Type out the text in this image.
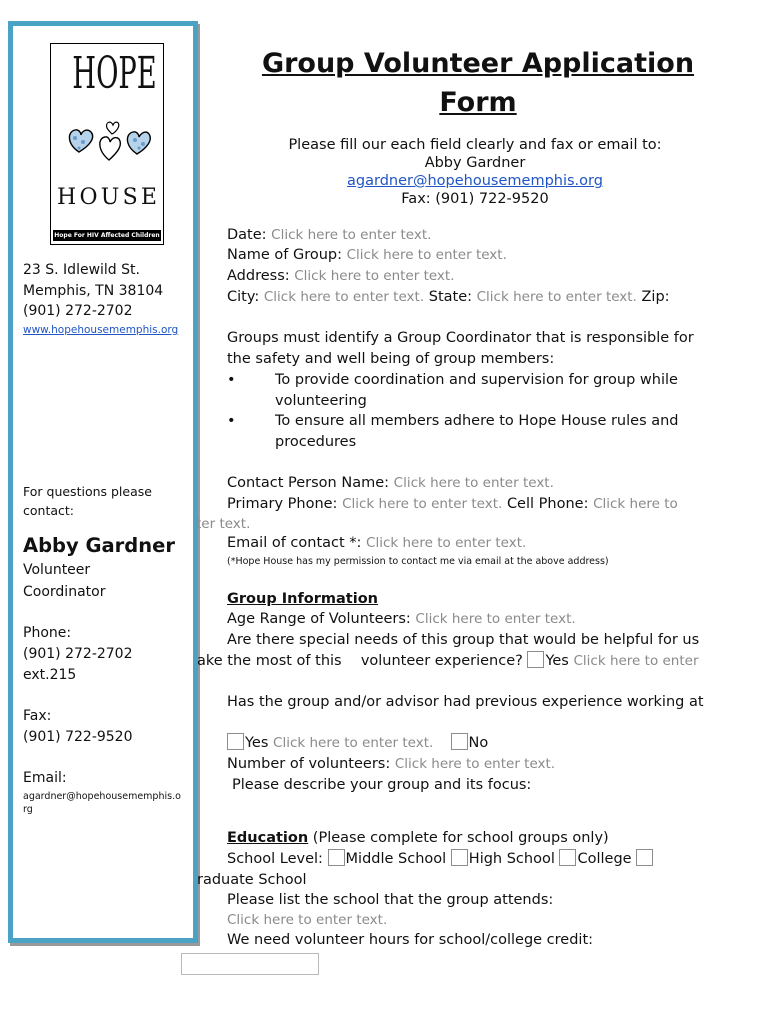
HOPE
H O U S E
Hope For HIV Affected Children
23 S. Idlewild St.
Memphis, TN 38104
(901) 272-2702
www.hopehousememphis.org
For questions please
contact:
Abby Gardner
Volunteer
Coordinator
Phone:
(901) 272-2702
ext.215
Fax:
(901) 722-9520
Email:
agardner@hopehousememphis.org
Group Volunteer Application
Form
Please fill our each field clearly and fax or email to:
Abby Gardner
agardner@hopehousememphis.org
Fax: (901) 722-9520
Date: Click here to enter text.
Name of Group: Click here to enter text.
Address: Click here to enter text.
City: Click here to enter text. State: Click here to enter text. Zip:
Groups must identify a Group Coordinator that is responsible for
the safety and well being of group members:
•	To provide coordination and supervision for group while volunteering
•	To ensure all members adhere to Hope House rules and procedures
Contact Person Name: Click here to enter text.
Primary Phone: Click here to enter text. Cell Phone: Click here to
ter text.
Email of contact *: Click here to enter text.
(*Hope House has my permission to contact me via email at the above address)
Group Information
Age Range of Volunteers: Click here to enter text.
Are there special needs of this group that would be helpful for us
ake the most of this volunteer experience? Yes Click here to enter
Has the group and/or advisor had previous experience working at
Yes Click here to enter text. No
Number of volunteers: Click here to enter text.
Please describe your group and its focus:
Education (Please complete for school groups only)
School Level: Middle School High School College
raduate School
Please list the school that the group attends:
Click here to enter text.
We need volunteer hours for school/college credit:
